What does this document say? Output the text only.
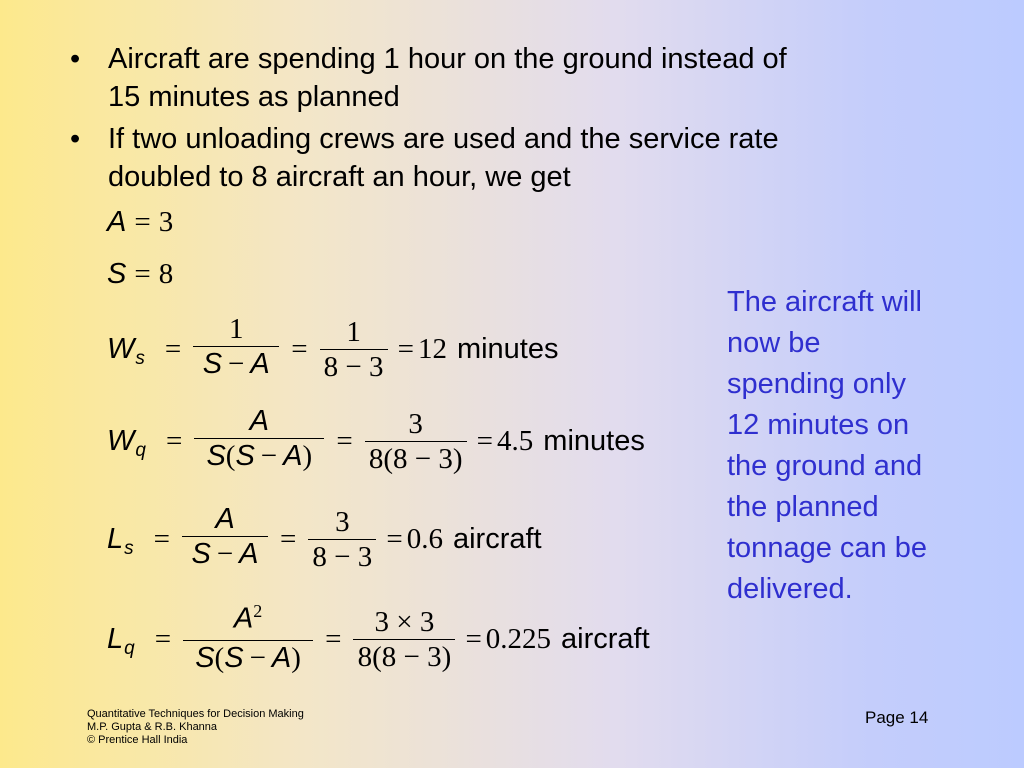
• Aircraft are spending 1 hour on the ground instead of
15 minutes as planned
• If two unloading crews are used and the service rate
doubled to 8 aircraft an hour, we get
A = 3
S = 8
W $s = \frac{1}{S - A} = \frac{1}{8 - 3} = 12$ minutes
W $q = \frac{A}{S(S - A)} = \frac{3}{8(8 - 3)} = 4.5$ minutes
L $s = \frac{A}{S - A} = \frac{3}{8 - 3} = 0.6$ aircraft
L $q = \frac{A^2}{S(S - A)} = \frac{3 \times 3}{8(8 - 3)} = 0.225$ aircraft
The aircraft will
now be
spending only
12 minutes on
the ground and
the planned
tonnage can be
delivered.
Quantitative Techniques for Decision Making
M.P. Gupta & R.B. Khanna
© Prentice Hall India
Page 14
